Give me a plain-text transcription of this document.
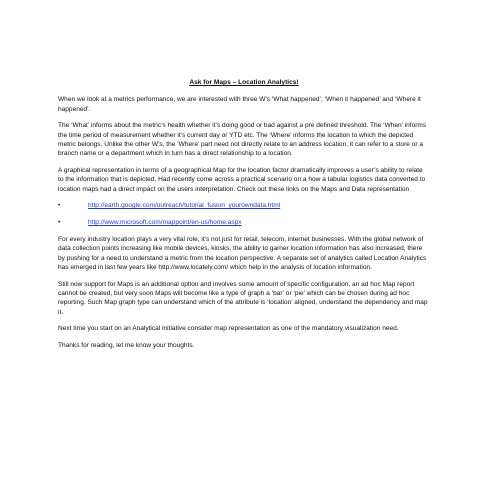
Ask for Maps – Location Analytics!

When we look at a metrics performance, we are interested with three W’s ‘What happened’, ‘When it happened’ and ‘Where it happened’.

The ‘What’ informs about the metric’s health whether it’s doing good or bad against a pre defined threshold. The ‘When’ informs the time period of measurement whether it’s current day or YTD etc. The ‘Where’ informs the location to which the depicted metric belongs. Unlike the other W’s, the ‘Where’ part need not directly relate to an address location, it can refer to a store or a branch name or a department which in turn has a direct relationship to a location.

A graphical representation in terms of a geographical Map for the location factor dramatically improves a user’s ability to relate to the information that is depicted. Had recently come across a practical scenario on a how a tabular logistics data converted to location maps had a direct impact on the users interpretation. Check out these links on the Maps and Data representation

•	http://earth.google.com/outreach/tutorial_fusion_yourowndata.html
•	http://www.microsoft.com/mappoint/en-us/home.aspx

For every industry location plays a very vital role, it’s not just for retail, telecom, internet businesses. With the global network of data collection points increasing like mobile devices, kiosks, the ability to garner location information has also increased, there by pushing for a need to understand a metric from the location perspective. A separate set of analytics called Location Analytics has emerged in last few years like http://www.locately.com/ which help in the analysis of location information.

Still now support for Maps is an additional option and involves some amount of specific configuration, an ad hoc Map report cannot be created, but very soon Maps will become like a type of graph a ‘bar’ or ‘pie’ which can be chosen during ad hoc reporting. Such Map graph type can understand which of the attribute is ‘location’ aligned, understand the dependency and map it.

Next time you start on an Analytical initiative consider map representation as one of the mandatory visualization need.

Thanks for reading, let me know your thoughts.
